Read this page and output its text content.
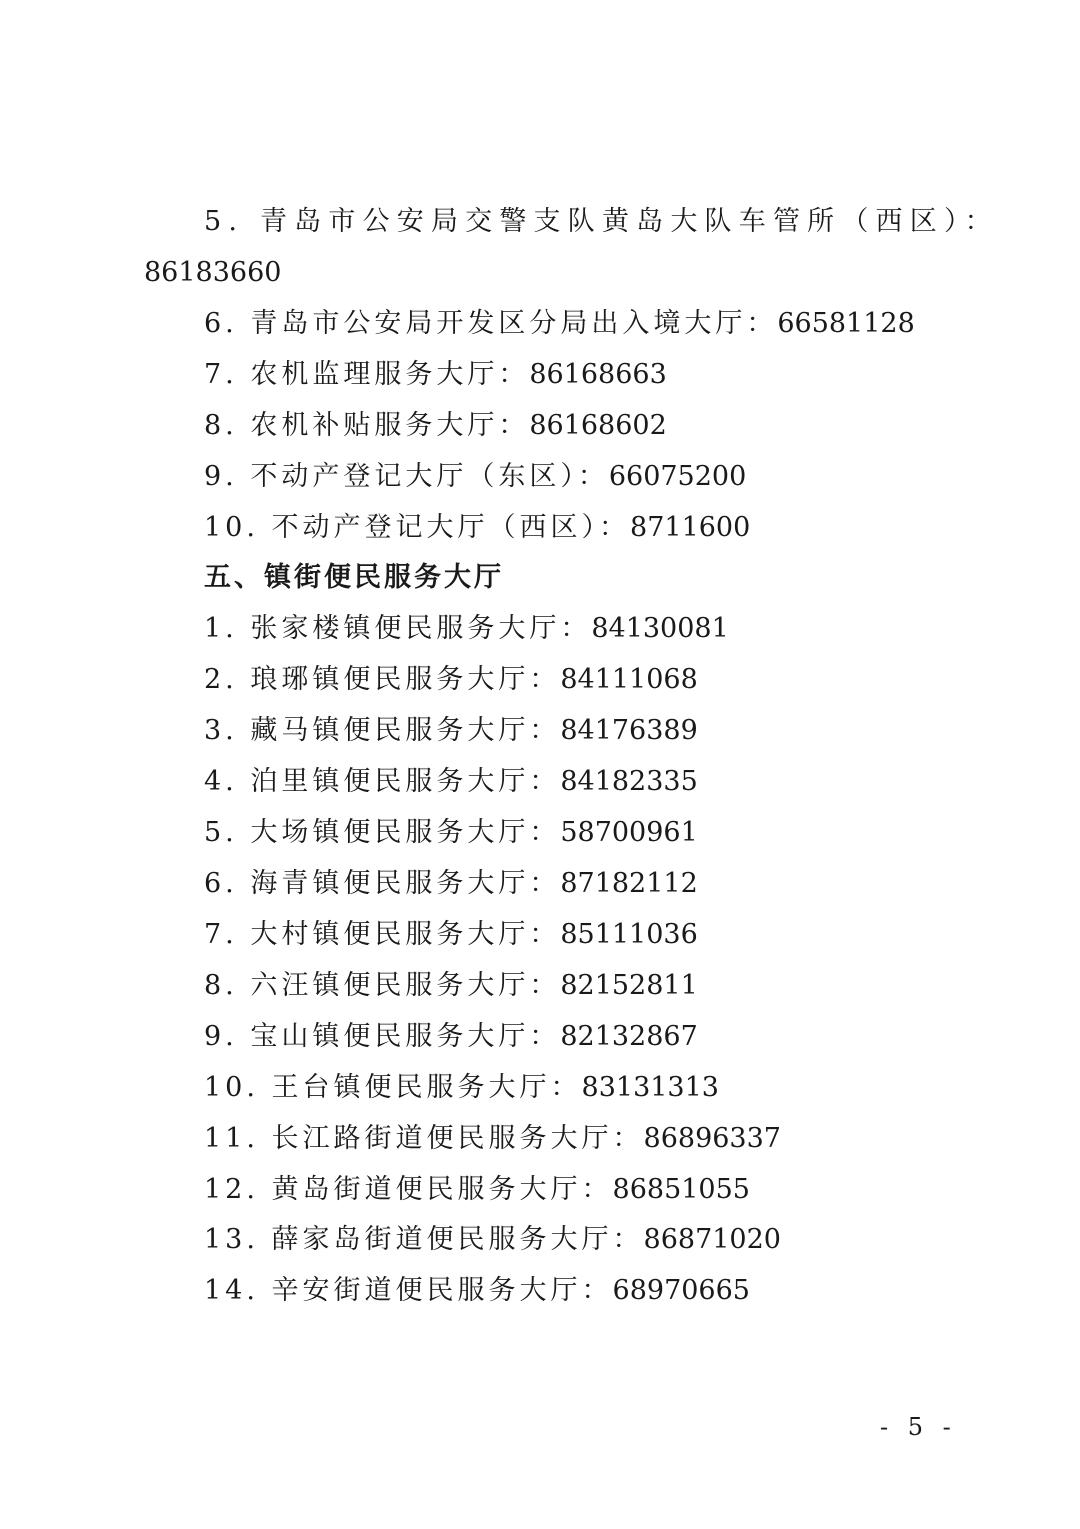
5. 青岛市公安局交警支队黄岛大队车管所（西区）：
86183660
6. 青岛市公安局开发区分局出入境大厅：66581128
7. 农机监理服务大厅：86168663
8. 农机补贴服务大厅：86168602
9. 不动产登记大厅（东区）：66075200
10. 不动产登记大厅（西区）：8711600
五、镇街便民服务大厅
1. 张家楼镇便民服务大厅：84130081
2. 琅琊镇便民服务大厅：84111068
3. 藏马镇便民服务大厅：84176389
4. 泊里镇便民服务大厅：84182335
5. 大场镇便民服务大厅：58700961
6. 海青镇便民服务大厅：87182112
7. 大村镇便民服务大厅：85111036
8. 六汪镇便民服务大厅：82152811
9. 宝山镇便民服务大厅：82132867
10. 王台镇便民服务大厅：83131313
11. 长江路街道便民服务大厅：86896337
12. 黄岛街道便民服务大厅：86851055
13. 薛家岛街道便民服务大厅：86871020
14. 辛安街道便民服务大厅：68970665
- 5 -
